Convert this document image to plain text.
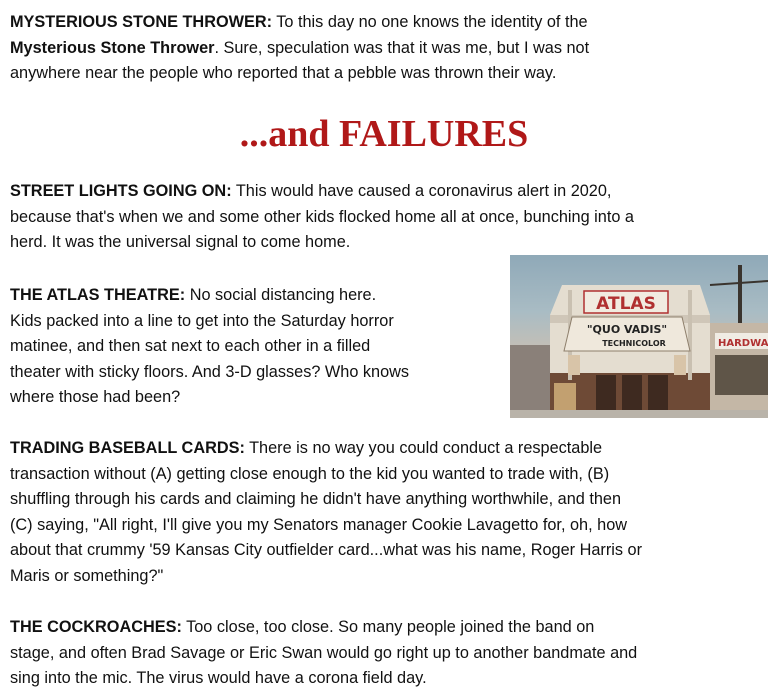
MYSTERIOUS STONE THROWER: To this day no one knows the identity of the
Mysterious Stone Thrower. Sure, speculation was that it was me, but I was not
anywhere near the people who reported that a pebble was thrown their way.

...and FAILURES

STREET LIGHTS GOING ON: This would have caused a coronavirus alert in 2020,
because that's when we and some other kids flocked home all at once, bunching into a
herd. It was the universal signal to come home.

THE ATLAS THEATRE: No social distancing here.
Kids packed into a line to get into the Saturday horror
matinee, and then sat next to each other in a filled
theater with sticky floors. And 3-D glasses? Who knows
where those had been?

ATLAS
"QUO VADIS"
TECHNICOLOR	HARDWA

TRADING BASEBALL CARDS: There is no way you could conduct a respectable
transaction without (A) getting close enough to the kid you wanted to trade with, (B)
shuffling through his cards and claiming he didn't have anything worthwhile, and then
(C) saying, "All right, I'll give you my Senators manager Cookie Lavagetto for, oh, how
about that crummy '59 Kansas City outfielder card...what was his name, Roger Harris or
Maris or something?"

THE COCKROACHES: Too close, too close. So many people joined the band on
stage, and often Brad Savage or Eric Swan would go right up to another bandmate and
sing into the mic. The virus would have a corona field day.
